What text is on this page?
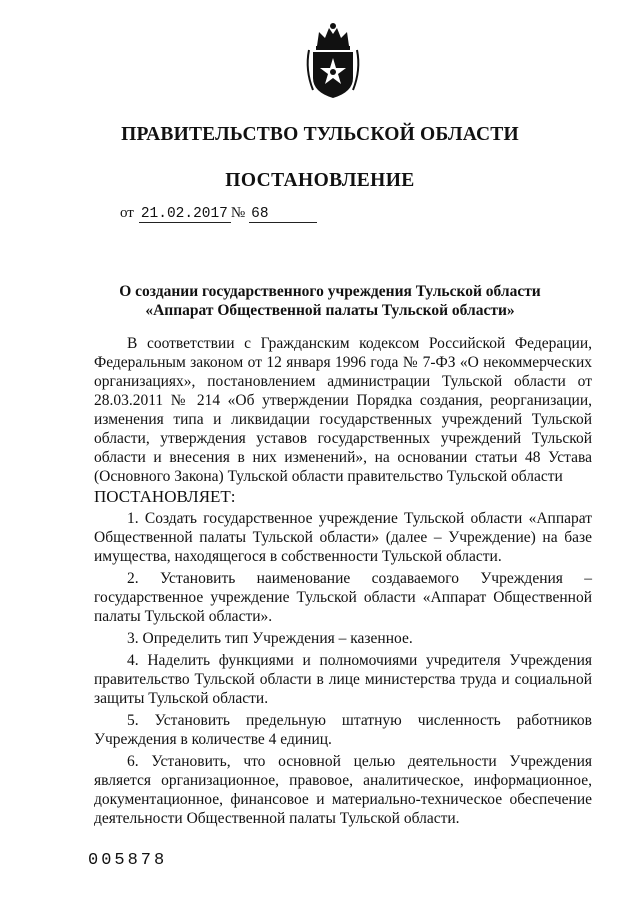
ПРАВИТЕЛЬСТВО ТУЛЬСКОЙ ОБЛАСТИ
ПОСТАНОВЛЕНИЕ
от 21.02.2017 № 68
О создании государственного учреждения Тульской области
«Аппарат Общественной палаты Тульской области»

В соответствии с Гражданским кодексом Российской Федерации, Федеральным законом от 12 января 1996 года № 7-ФЗ «О некоммерческих организациях», постановлением администрации Тульской области от 28.03.2011 № 214 «Об утверждении Порядка создания, реорганизации, изменения типа и ликвидации государственных учреждений Тульской области, утверждения уставов государственных учреждений Тульской области и внесения в них изменений», на основании статьи 48 Устава (Основного Закона) Тульской области правительство Тульской области

ПОСТАНОВЛЯЕТ:

1. Создать государственное учреждение Тульской области «Аппарат Общественной палаты Тульской области» (далее – Учреждение) на базе имущества, находящегося в собственности Тульской области.

2. Установить наименование создаваемого Учреждения – государственное учреждение Тульской области «Аппарат Общественной палаты Тульской области».

3. Определить тип Учреждения – казенное.

4. Наделить функциями и полномочиями учредителя Учреждения правительство Тульской области в лице министерства труда и социальной защиты Тульской области.

5. Установить предельную штатную численность работников Учреждения в количестве 4 единиц.

6. Установить, что основной целью деятельности Учреждения является организационное, правовое, аналитическое, информационное, документационное, финансовое и материально-техническое обеспечение деятельности Общественной палаты Тульской области.

005878
